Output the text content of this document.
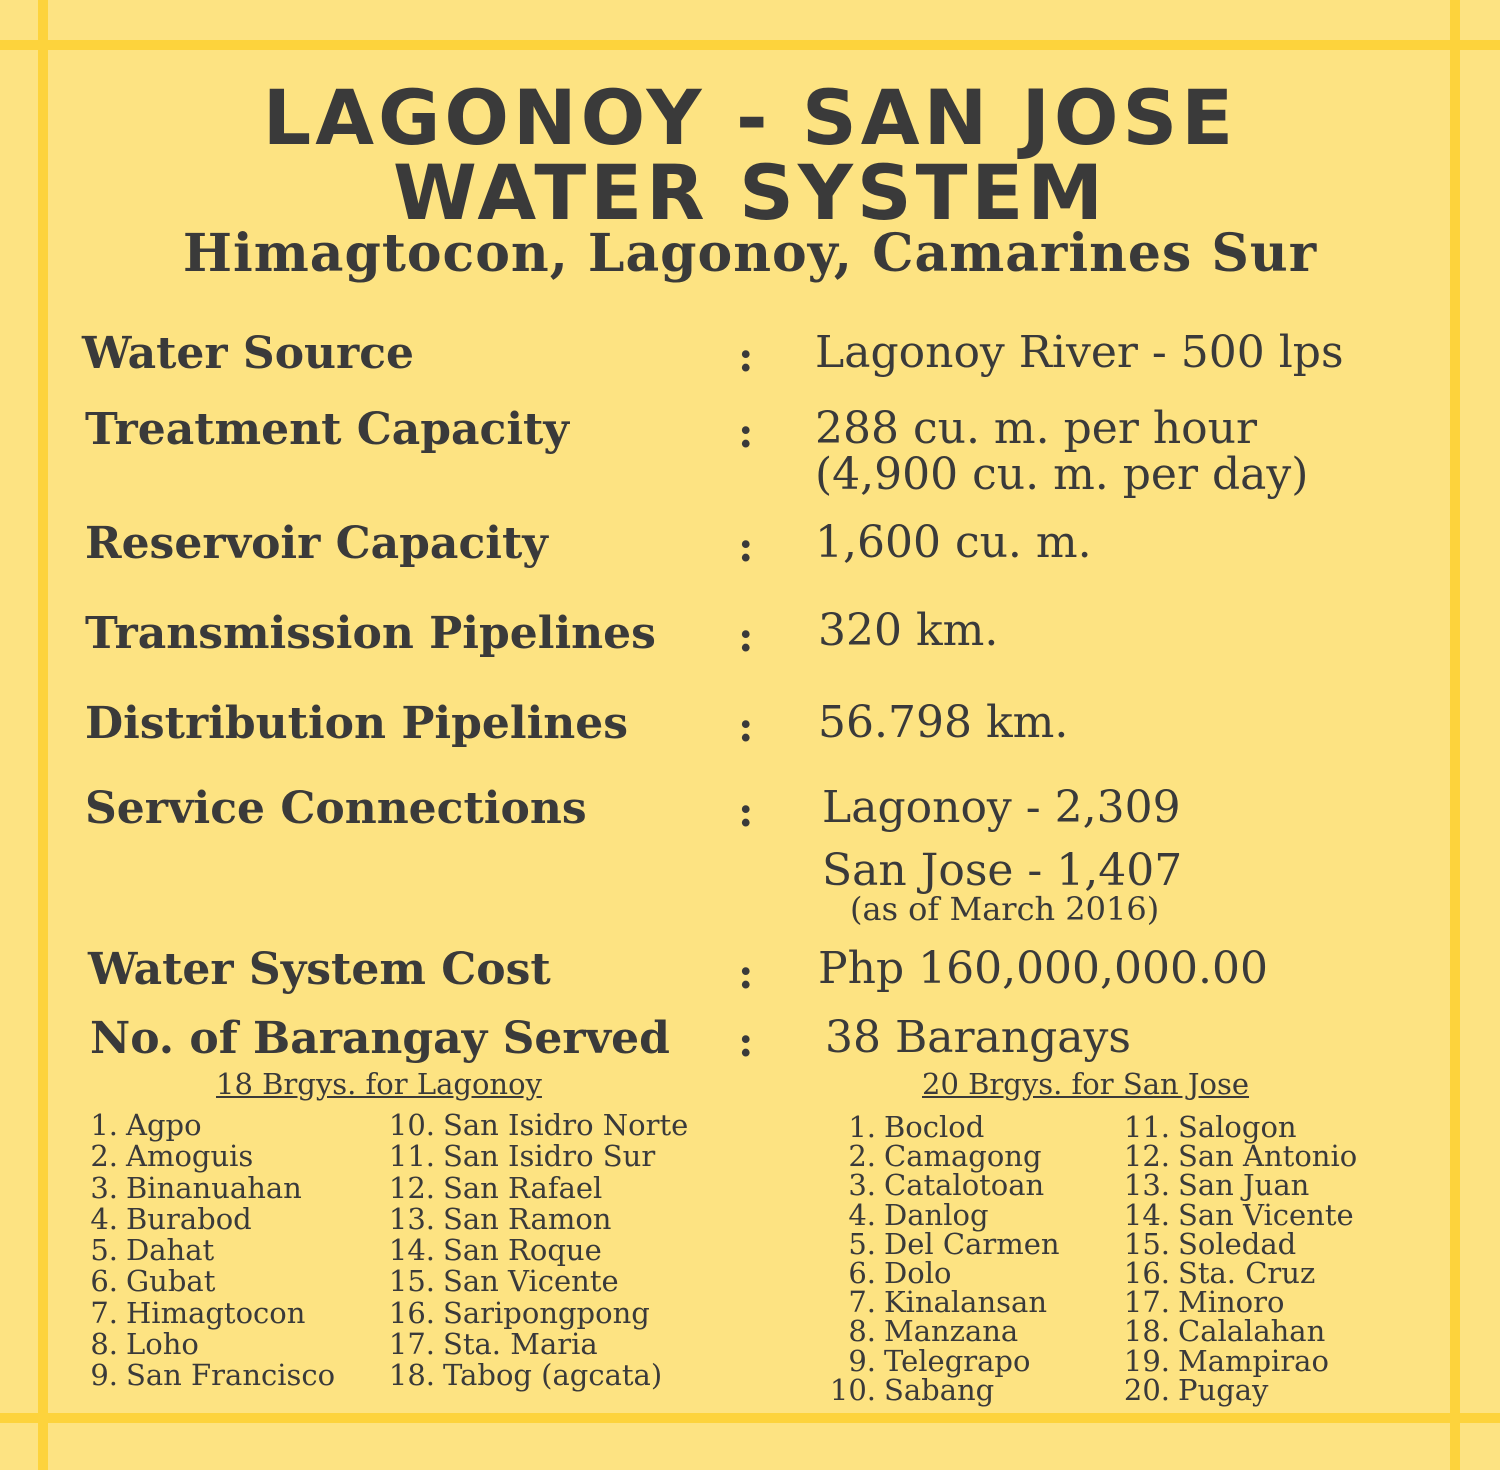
LAGONOY - SAN JOSE
WATER SYSTEM
Himagtocon, Lagonoy, Camarines Sur
Water Source	: Lagonoy River - 500 lps
Treatment Capacity	: 288 cu. m. per hour
(4,900 cu. m. per day)
Reservoir Capacity	: 1,600 cu. m.
Transmission Pipelines : 320 km.
Distribution Pipelines	: 56.798 km.
Service Connections	: Lagonoy - 2,309
San Jose - 1,407
(as of March 2016)
Water System Cost	: Php 160,000,000.00
No. of Barangay Served : 38 Barangays
18 Brgys. for Lagonoy
1. Agpo
2. Amoguis
3. Binanuahan
4. Burabod
5. Dahat
6. Gubat
7. Himagtocon
8. Loho
9. San Francisco
10. San Isidro Norte
11. San Isidro Sur
12. San Rafael
13. San Ramon
14. San Roque
15. San Vicente
16. Saripongpong
17. Sta. Maria
18. Tabog (agcata)
20 Brgys. for San Jose
1. Boclod
2. Camagong
3. Catalotoan
4. Danlog
5. Del Carmen
6. Dolo
7. Kinalansan
8. Manzana
9. Telegrapo
10. Sabang
11. Salogon
12. San Antonio
13. San Juan
14. San Vicente
15. Soledad
16. Sta. Cruz
17. Minoro
18. Calalahan
19. Mampirao
20. Pugay
